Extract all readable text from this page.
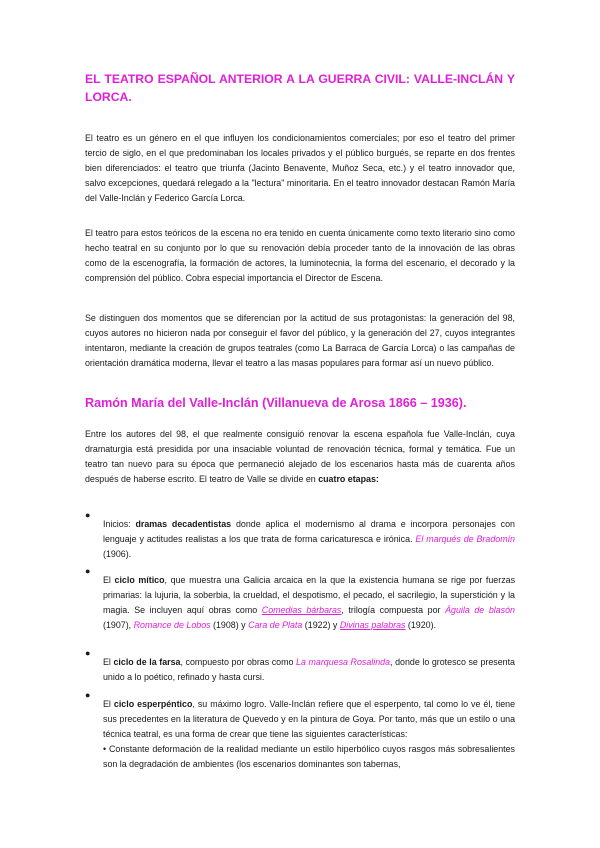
EL TEATRO ESPAÑOL ANTERIOR A LA GUERRA CIVIL: VALLE-INCLÁN Y LORCA.

El teatro es un género en el que influyen los condicionamientos comerciales; por eso el teatro del primer tercio de siglo, en el que predominaban los locales privados y el público burgués, se reparte en dos frentes bien diferenciados: el teatro que triunfa (Jacinto Benavente, Muñoz Seca, etc.) y el teatro innovador que, salvo excepciones, quedará relegado a la "lectura" minoritaria. En el teatro innovador destacan Ramón María del Valle-Inclán y Federico García Lorca.

El teatro para estos teóricos de la escena no era tenido en cuenta únicamente como texto literario sino como hecho teatral en su conjunto por lo que su renovación debía proceder tanto de la innovación de las obras como de la escenografía, la formación de actores, la luminotecnia, la forma del escenario, el decorado y la comprensión del público. Cobra especial importancia el Director de Escena.

Se distinguen dos momentos que se diferencian por la actitud de sus protagonistas: la generación del 98, cuyos autores no hicieron nada por conseguir el favor del público, y la generación del 27, cuyos integrantes intentaron, mediante la creación de grupos teatrales (como La Barraca de García Lorca) o las campañas de orientación dramática moderna, llevar el teatro a las masas populares para formar así un nuevo público.

Ramón María del Valle-Inclán (Villanueva de Arosa 1866 – 1936).

Entre los autores del 98, el que realmente consiguió renovar la escena española fue Valle-Inclán, cuya dramaturgia está presidida por una insaciable voluntad de renovación técnica, formal y temática. Fue un teatro tan nuevo para su época que permaneció alejado de los escenarios hasta más de cuarenta años después de haberse escrito. El teatro de Valle se divide en cuatro etapas:

●

Inicios: dramas decadentistas donde aplica el modernismo al drama e incorpora personajes con lenguaje y actitudes realistas a los que trata de forma caricaturesca e irónica. El marqués de Bradomín (1906).

●

El ciclo mítico, que muestra una Galicia arcaica en la que la existencia humana se rige por fuerzas primarias: la lujuria, la soberbia, la crueldad, el despotismo, el pecado, el sacrilegio, la superstición y la magia. Se incluyen aquí obras como Comedias bárbaras, trilogía compuesta por Águila de blasón (1907), Romance de Lobos (1908) y Cara de Plata (1922) y Divinas palabras (1920).

●

El ciclo de la farsa, compuesto por obras como La marquesa Rosalinda, donde lo grotesco se presenta unido a lo poético, refinado y hasta cursi.

●

El ciclo esperpéntico, su máximo logro. Valle-Inclán refiere que el esperpento, tal como lo ve él, tiene sus precedentes en la literatura de Quevedo y en la pintura de Goya. Por tanto, más que un estilo o una técnica teatral, es una forma de crear que tiene las siguientes características:
• Constante deformación de la realidad mediante un estilo hiperbólico cuyos rasgos más sobresalientes son la degradación de ambientes (los escenarios dominantes son tabernas,
